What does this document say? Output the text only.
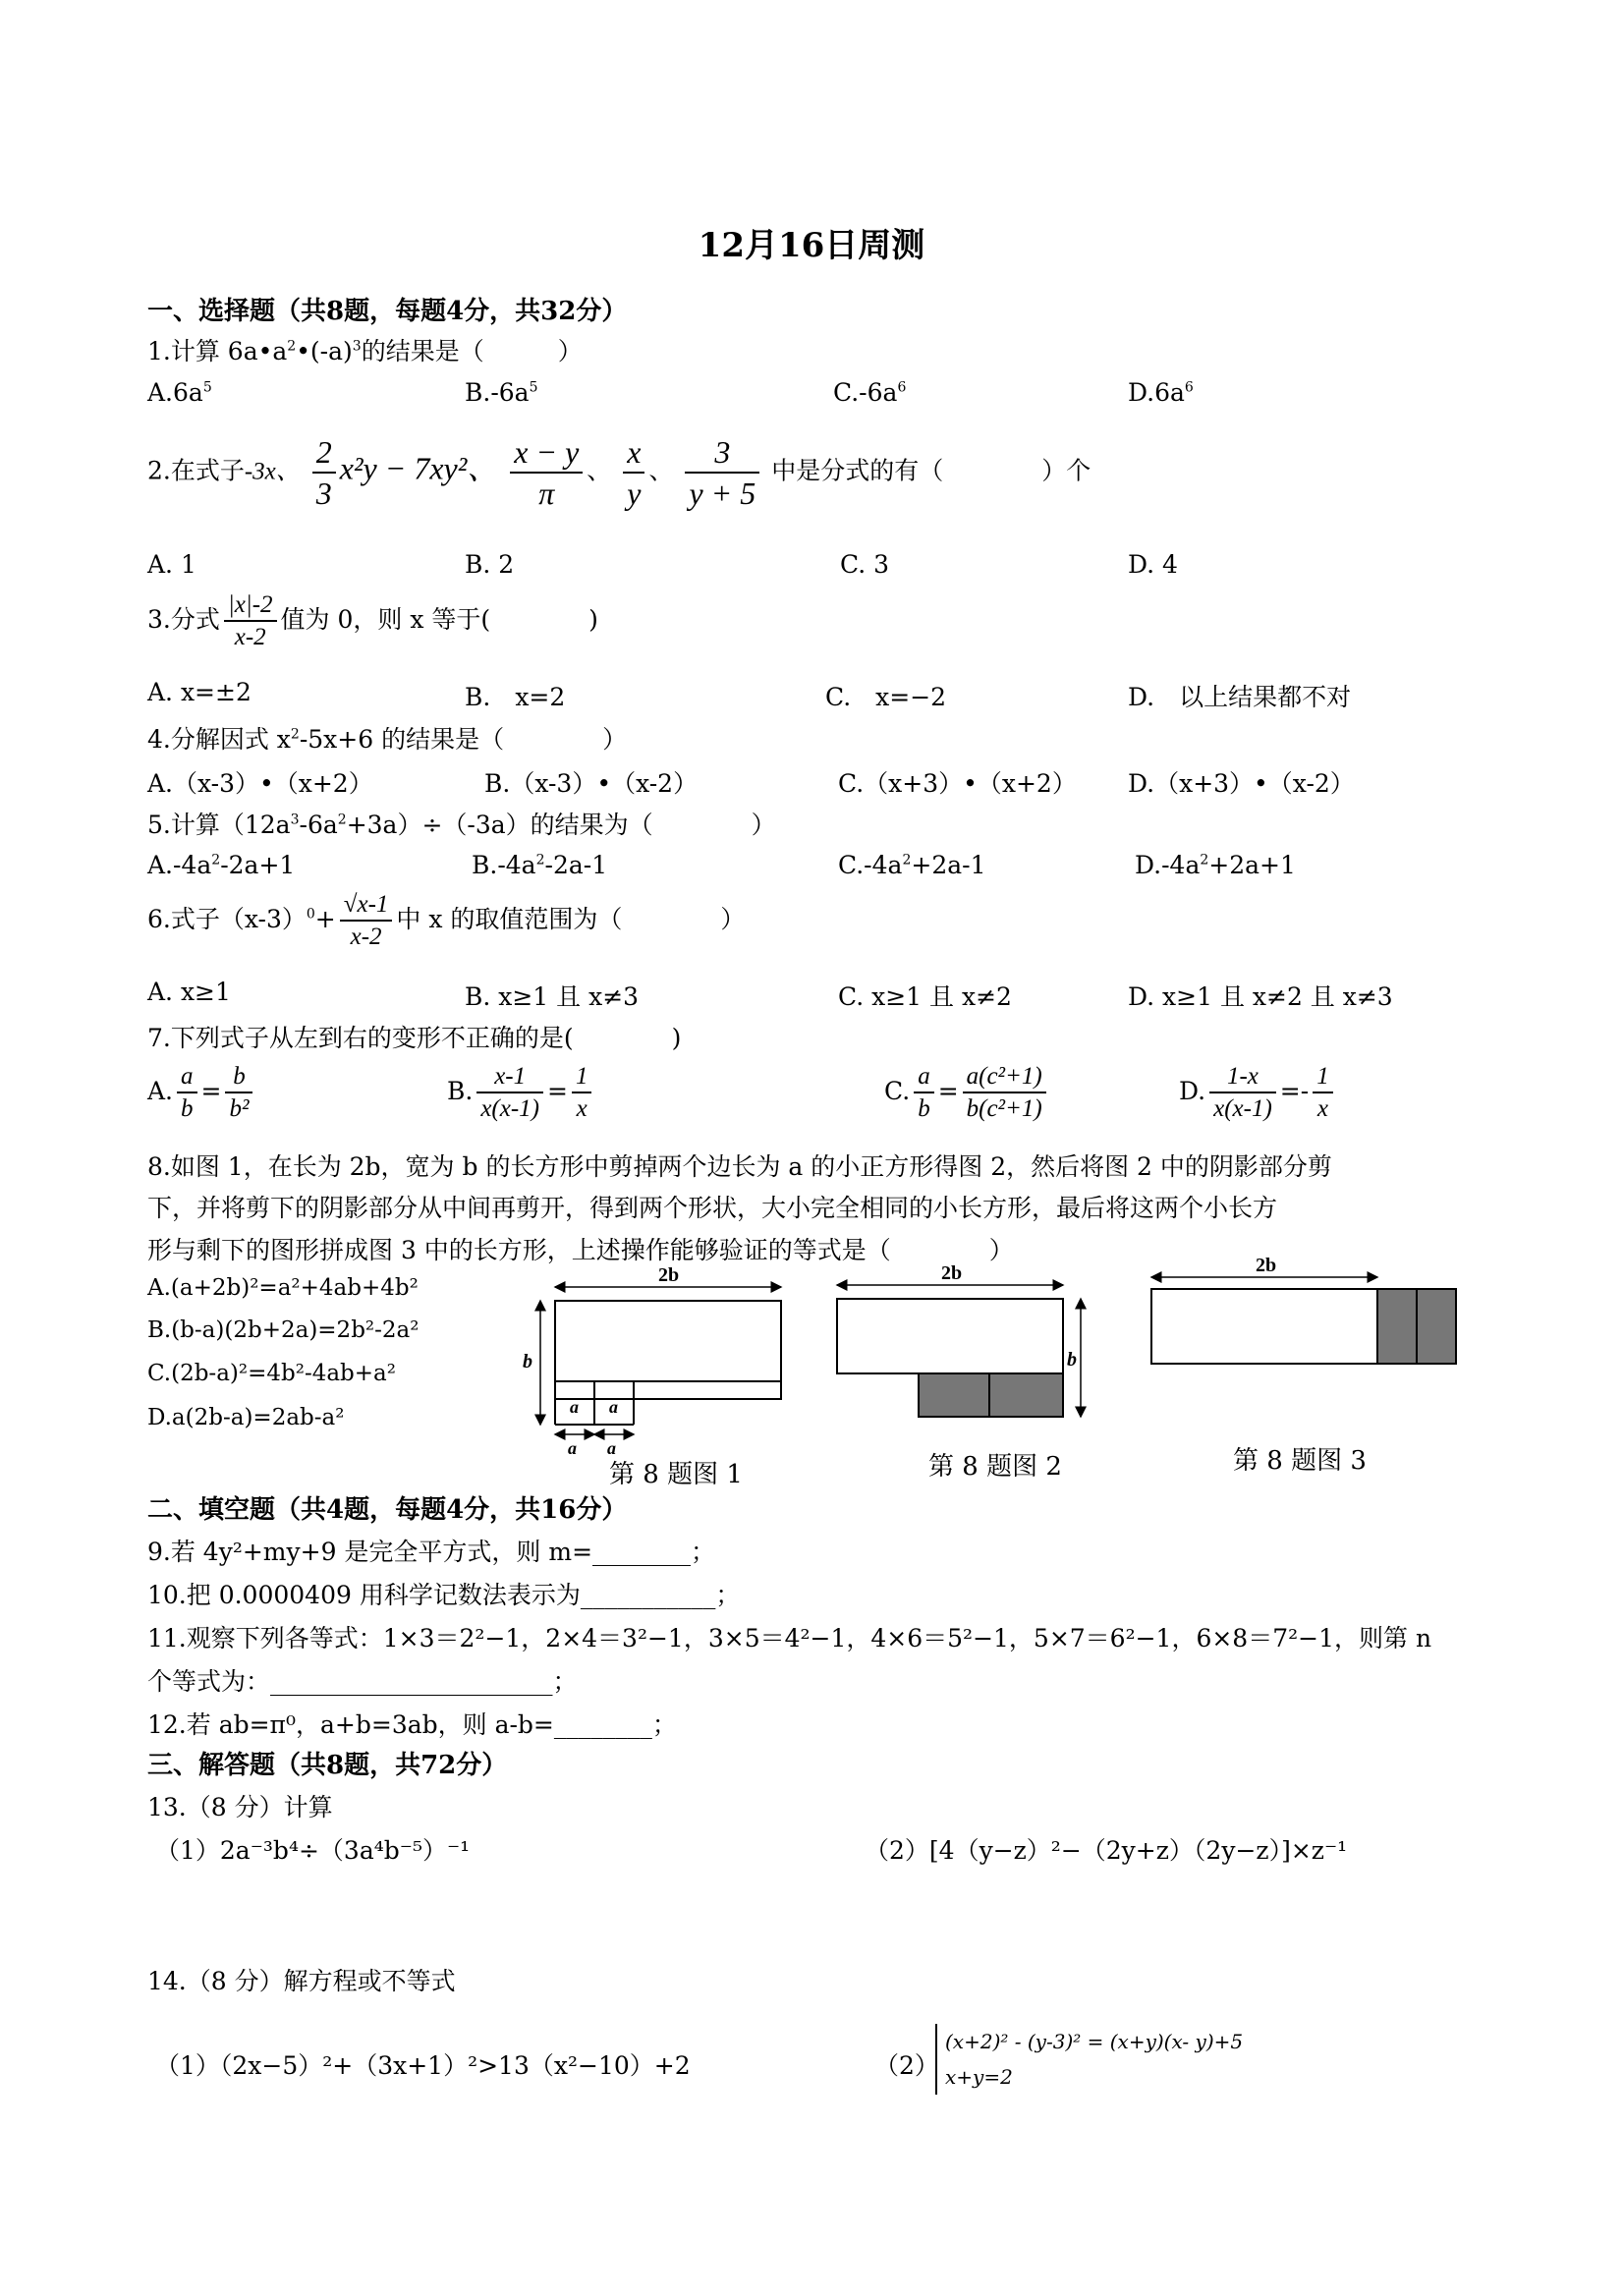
12月16日周测
一、选择题（共8题，每题4分，共32分）
1.计算 $6a•a^2•(-a)^3$的结果是（　　　）
$A.6a^5$	$B.-6a^5$	$C.-6a^6$	$D.6a^6$
2.在式子-3x、 $\frac{2}{3} x^2y - 7xy^2$、 $\frac{x - y}{\pi}$ 、 $\frac{x}{y}$ 、 $\frac{3}{y + 5}$ 中是分式的有（　　　　）个
A. 1	B. 2	C. 3	D. 4
3.分式 $\frac{|x|-2}{x-2}$ 值为 0，则 x 等于(　　　　)
A. x=±2	B.　x=2	C.　x=−2	D.　以上结果都不对
4.分解因式 $x^2-5x+6$ 的结果是（　　　　）
A.（x-3）•（x+2）	B.（x-3）•（x-2）	C.（x+3）•（x+2） D.（x+3）•（x-2）
5.计算$(12a^3-6a^2+3a)\div(-3a)$的结果为（　　　　）
$A.-4a^2-2a+1$	$B.-4a^2-2a-1$	$C.-4a^2+2a-1$	$D.-4a^2+2a+1$
6.式子$(x-3)^0+ \frac{√x-1}{x-2}$ 中 x 的取值范围为（　　　　）
A. x≥1	B. x≥1 且 x≠3	C. x≥1 且 x≠2	D. x≥1 且 x≠2 且 x≠3
7.下列式子从左到右的变形不正确的是(　　　　)
A. $\frac{a}{b} = \frac{b}{\text{b²}}$	B. $\frac{x-1}{x(x-1)} = \frac{1}{x}$	C. $\frac{a}{b} = \frac{\text{a(c²+1)}}{\text{b(c²+1)}}$	D. $\frac{1-x}{x(x-1)} =- \frac{1}{x}$
8.如图 1，在长为 2b，宽为 b 的长方形中剪掉两个边长为 a 的小正方形得图 2，然后将图 2 中的阴影部分剪
下，并将剪下的阴影部分从中间再剪开，得到两个形状，大小完全相同的小长方形，最后将这两个小长方
形与剩下的图形拼成图 3 中的长方形，上述操作能够验证的等式是（　　　　）
A.(a+2b)²=a²+4ab+4b²
B.(b-a)(2b+2a)=2b²-2a²
C.(2b-a)²=4b²-4ab+a²
D.a(2b-a)=2ab-a²
2b
b
a a
a a
2b
b
2b
第 8 题图 1	第 8 题图 2	第 8 题图 3
二、填空题（共4题，每题4分，共16分）
9.若 4y²+my+9 是完全平方式，则 m=________；
10.把 0.0000409 用科学记数法表示为___________；
11.观察下列各等式：1×3＝2²−1，2×4＝3²−1，3×5＝4²−1，4×6＝5²−1，5×7＝6²−1，6×8＝7²−1，则第 n
个等式为：_______________________；
12.若 ab=π⁰，a+b=3ab，则 a-b=________；
三、解答题（共8题，共72分）
13.（8 分）计算
（1）2a⁻³b⁴÷（3a⁴b⁻⁵）⁻¹	（2）[4（y−z）²−（2y+z）（2y−z）]×z⁻¹
14.（8 分）解方程或不等式
（1）（2x−5）²+（3x+1）²>13（x²−10）+2	（2）
(x+2)² - (y-3)² = (x+y)(x- y)+5
x+y=2
